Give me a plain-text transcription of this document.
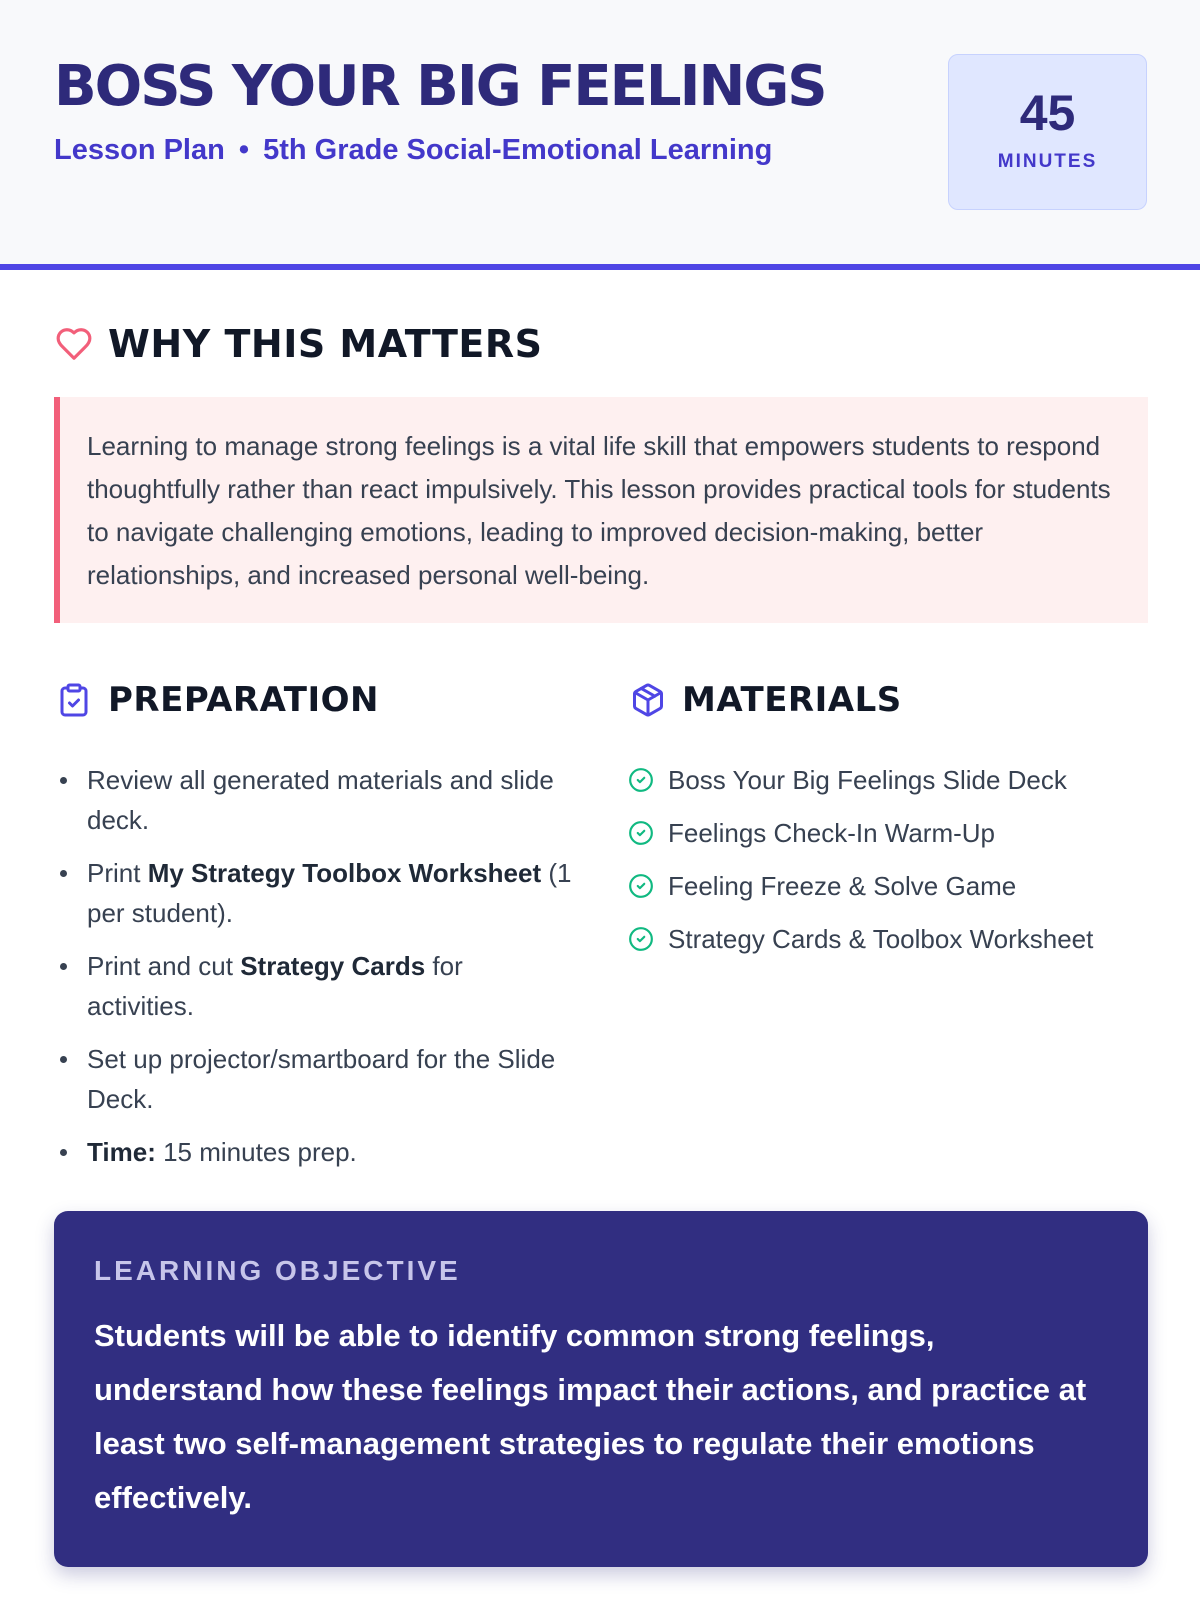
BOSS YOUR BIG FEELINGS
Lesson Plan • 5th Grade Social-Emotional Learning
45
MINUTES
WHY THIS MATTERS
Learning to manage strong feelings is a vital life skill that empowers students to respond thoughtfully rather than react impulsively. This lesson provides practical tools for students to navigate challenging emotions, leading to improved decision-making, better relationships, and increased personal well-being.
PREPARATION
Review all generated materials and slide deck.
Print My Strategy Toolbox Worksheet (1 per student).
Print and cut Strategy Cards for activities.
Set up projector/smartboard for the Slide Deck.
Time: 15 minutes prep.
MATERIALS
Boss Your Big Feelings Slide Deck
Feelings Check-In Warm-Up
Feeling Freeze & Solve Game
Strategy Cards & Toolbox Worksheet
LEARNING OBJECTIVE
Students will be able to identify common strong feelings, understand how these feelings impact their actions, and practice at least two self-management strategies to regulate their emotions effectively.
